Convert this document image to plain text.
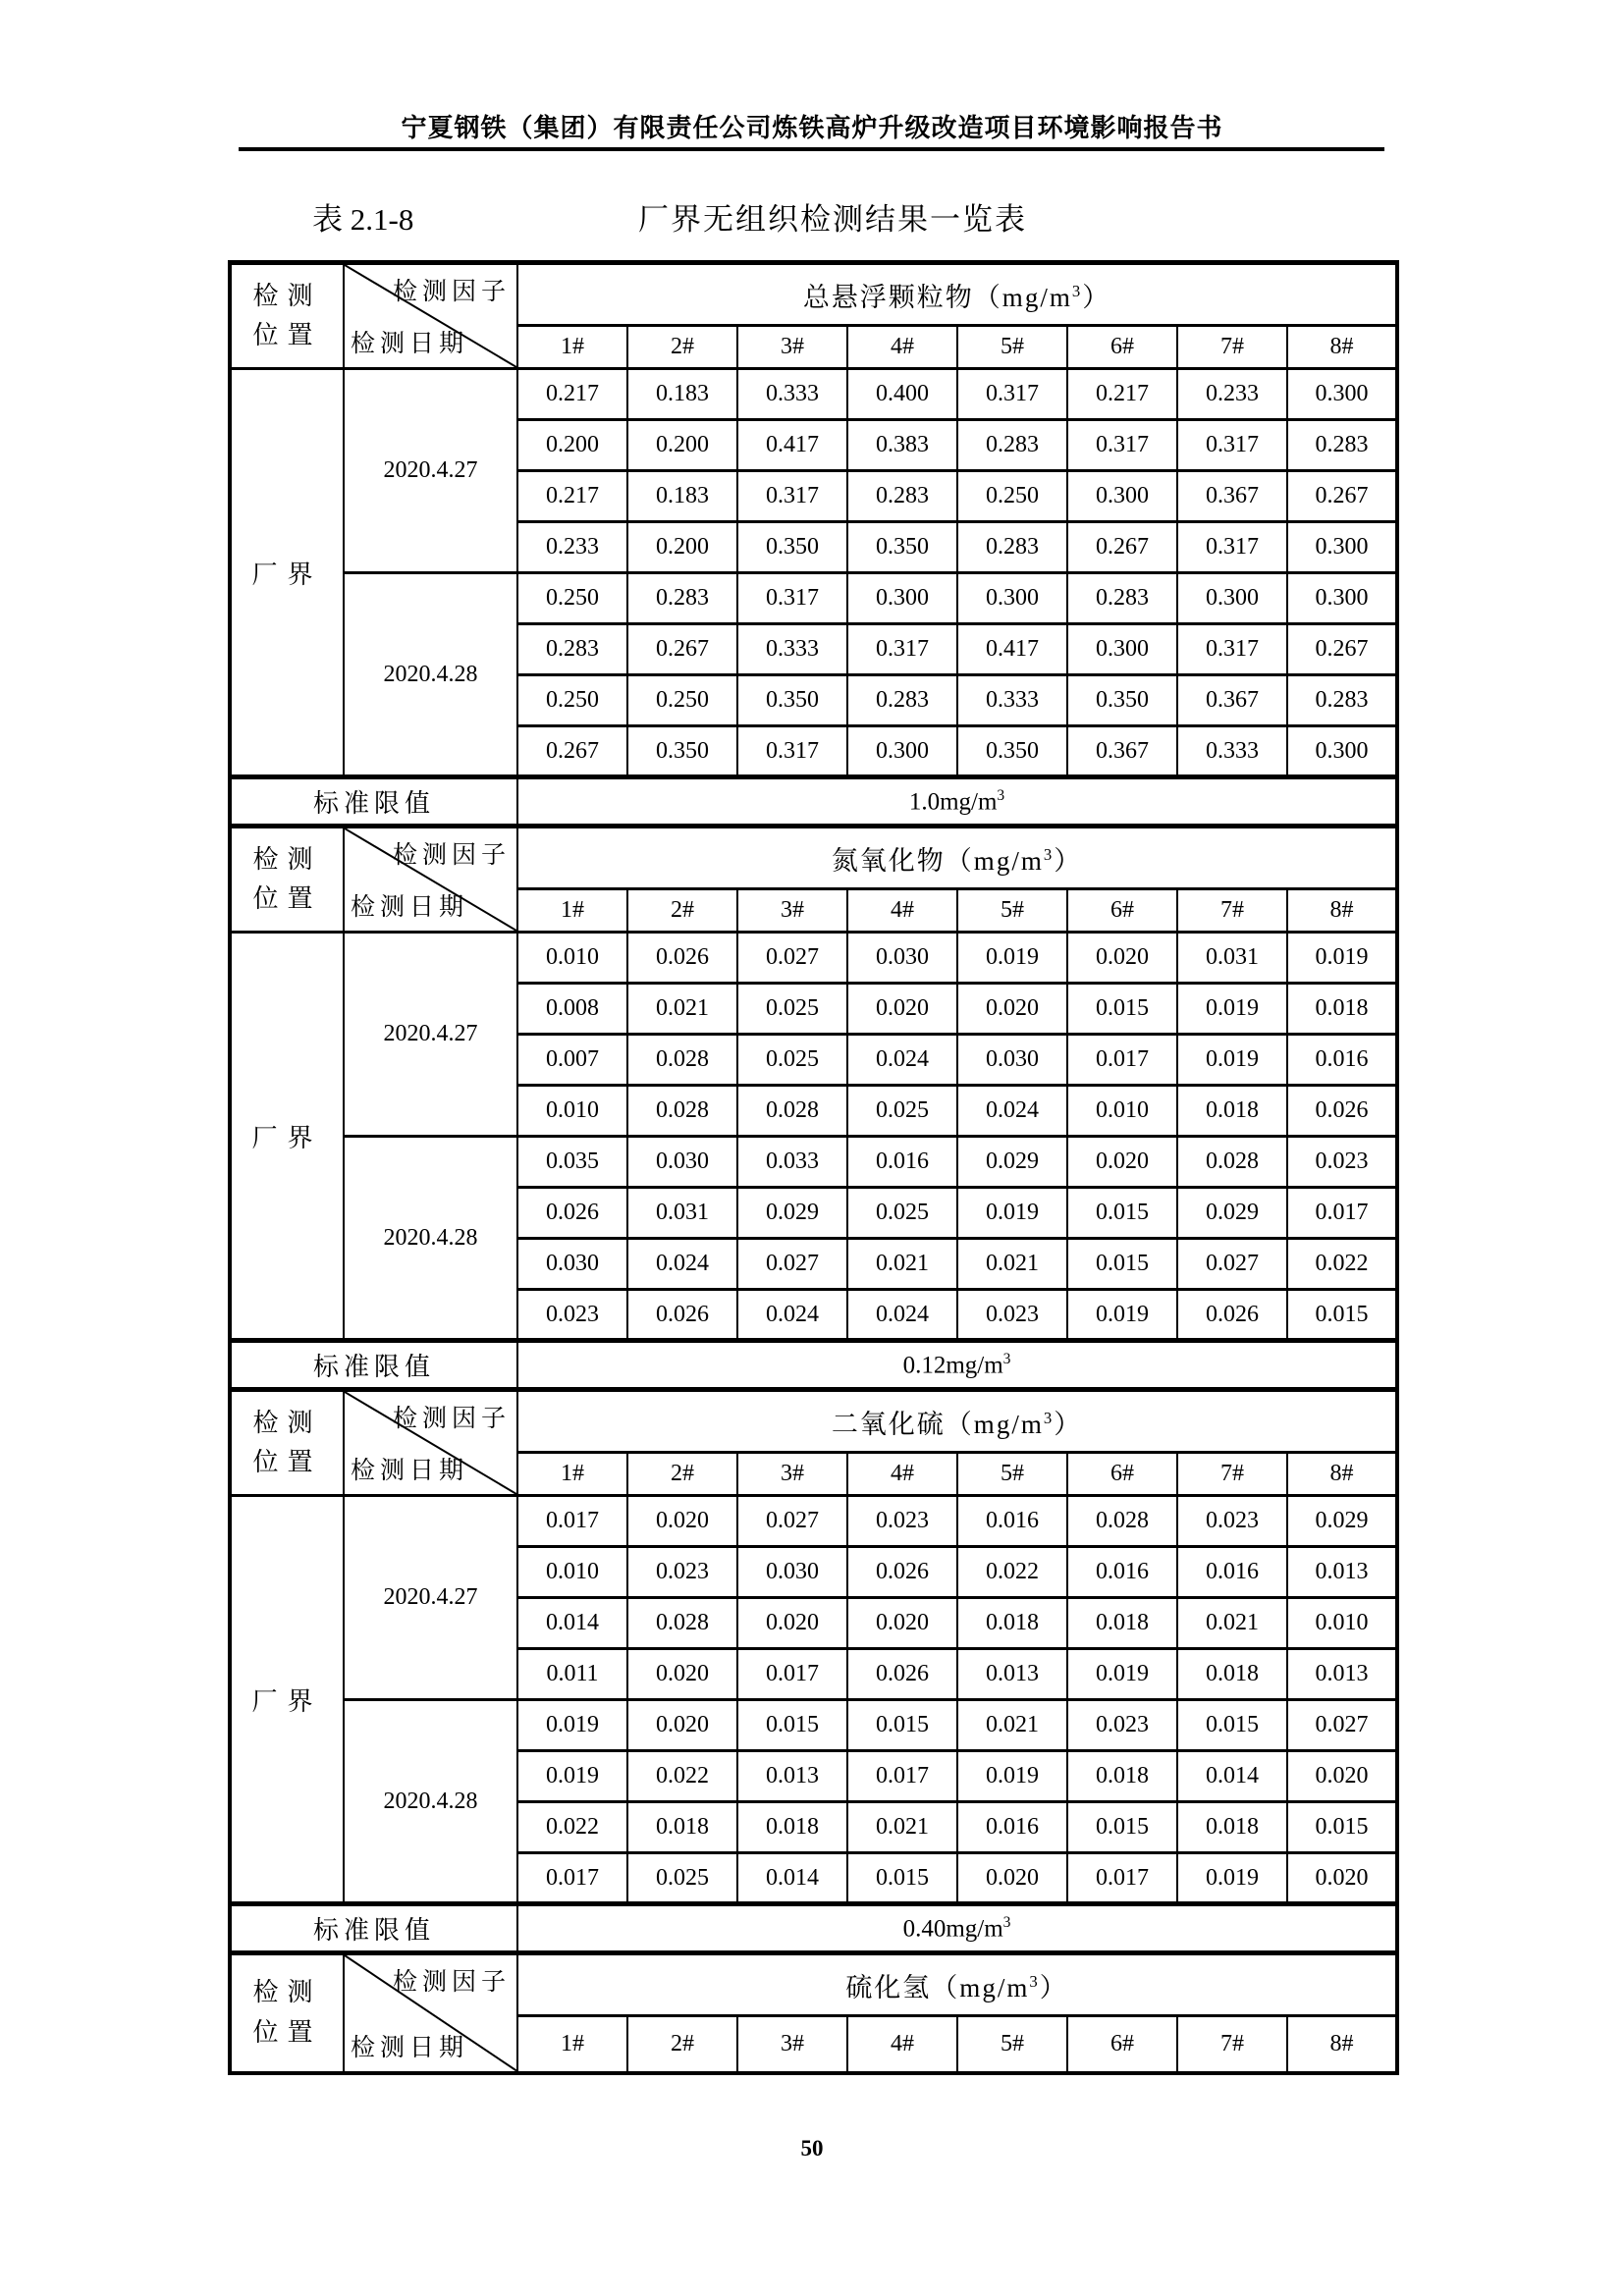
宁夏钢铁（集团）有限责任公司炼铁高炉升级改造项目环境影响报告书
表 2.1-8	厂界无组织检测结果一览表
检测位置	检测因子
检测日期	总悬浮颗粒物$(mg/m^3)$							
		1#	2#	3#	4#	5#	6#	7#	8#
厂界	2020.4.27	0.217	0.183	0.333	0.400	0.317	0.217	0.233	0.300
		0.200	0.200	0.417	0.383	0.283	0.317	0.317	0.283
		0.217	0.183	0.317	0.283	0.250	0.300	0.367	0.267
		0.233	0.200	0.350	0.350	0.283	0.267	0.317	0.300
	2020.4.28	0.250	0.283	0.317	0.300	0.300	0.283	0.300	0.300
		0.283	0.267	0.333	0.317	0.417	0.300	0.317	0.267
		0.250	0.250	0.350	0.283	0.333	0.350	0.367	0.283
		0.267	0.350	0.317	0.300	0.350	0.367	0.333	0.300
标准限值		$1.0mg/m^3$
检测位置	检测因子
检测日期	氮氧化物$(mg/m^3)$							
		1#	2#	3#	4#	5#	6#	7#	8#
厂界	2020.4.27	0.010	0.026	0.027	0.030	0.019	0.020	0.031	0.019
		0.008	0.021	0.025	0.020	0.020	0.015	0.019	0.018
		0.007	0.028	0.025	0.024	0.030	0.017	0.019	0.016
		0.010	0.028	0.028	0.025	0.024	0.010	0.018	0.026
	2020.4.28	0.035	0.030	0.033	0.016	0.029	0.020	0.028	0.023
		0.026	0.031	0.029	0.025	0.019	0.015	0.029	0.017
		0.030	0.024	0.027	0.021	0.021	0.015	0.027	0.022
		0.023	0.026	0.024	0.024	0.023	0.019	0.026	0.015
标准限值		$0.12mg/m^3$
检测位置	检测因子
检测日期	二氧化硫$(mg/m^3)$							
		1#	2#	3#	4#	5#	6#	7#	8#
厂界	2020.4.27	0.017	0.020	0.027	0.023	0.016	0.028	0.023	0.029
		0.010	0.023	0.030	0.026	0.022	0.016	0.016	0.013
		0.014	0.028	0.020	0.020	0.018	0.018	0.021	0.010
		0.011	0.020	0.017	0.026	0.013	0.019	0.018	0.013
	2020.4.28	0.019	0.020	0.015	0.015	0.021	0.023	0.015	0.027
		0.019	0.022	0.013	0.017	0.019	0.018	0.014	0.020
		0.022	0.018	0.018	0.021	0.016	0.015	0.018	0.015
		0.017	0.025	0.014	0.015	0.020	0.017	0.019	0.020
标准限值		$0.40mg/m^3$
检测位置	检测因子
检测日期	硫化氢$(mg/m^3)$							
		1#	2#	3#	4#	5#	6#	7#	8#
50
